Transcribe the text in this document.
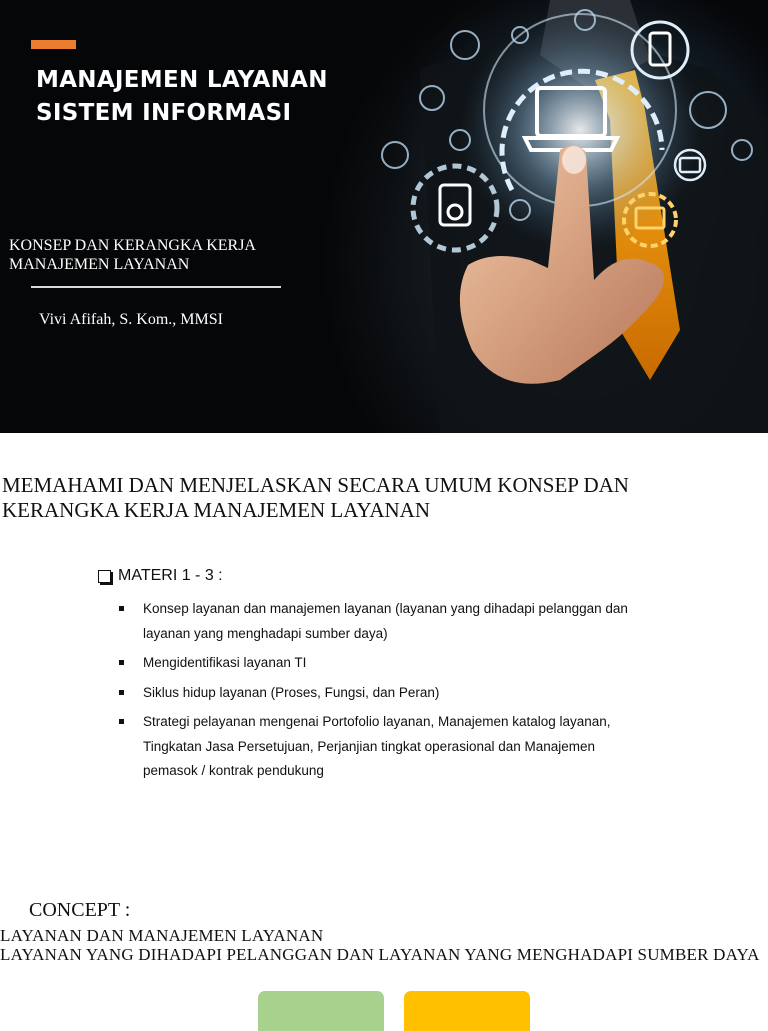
MANAJEMEN LAYANAN
SISTEM INFORMASI
KONSEP DAN KERANGKA KERJA
MANAJEMEN LAYANAN
Vivi Afifah, S. Kom., MMSI
MEMAHAMI DAN MENJELASKAN SECARA UMUM KONSEP DAN
KERANGKA KERJA MANAJEMEN LAYANAN
MATERI 1 - 3 :
Konsep layanan dan manajemen layanan (layanan yang dihadapi pelanggan dan
layanan yang menghadapi sumber daya)
Mengidentifikasi layanan TI
Siklus hidup layanan (Proses, Fungsi, dan Peran)
Strategi pelayanan mengenai Portofolio layanan, Manajemen katalog layanan,
Tingkatan Jasa Persetujuan, Perjanjian tingkat operasional dan Manajemen
pemasok / kontrak pendukung
CONCEPT :
LAYANAN DAN MANAJEMEN LAYANAN
LAYANAN YANG DIHADAPI PELANGGAN DAN LAYANAN YANG MENGHADAPI SUMBER DAYA
